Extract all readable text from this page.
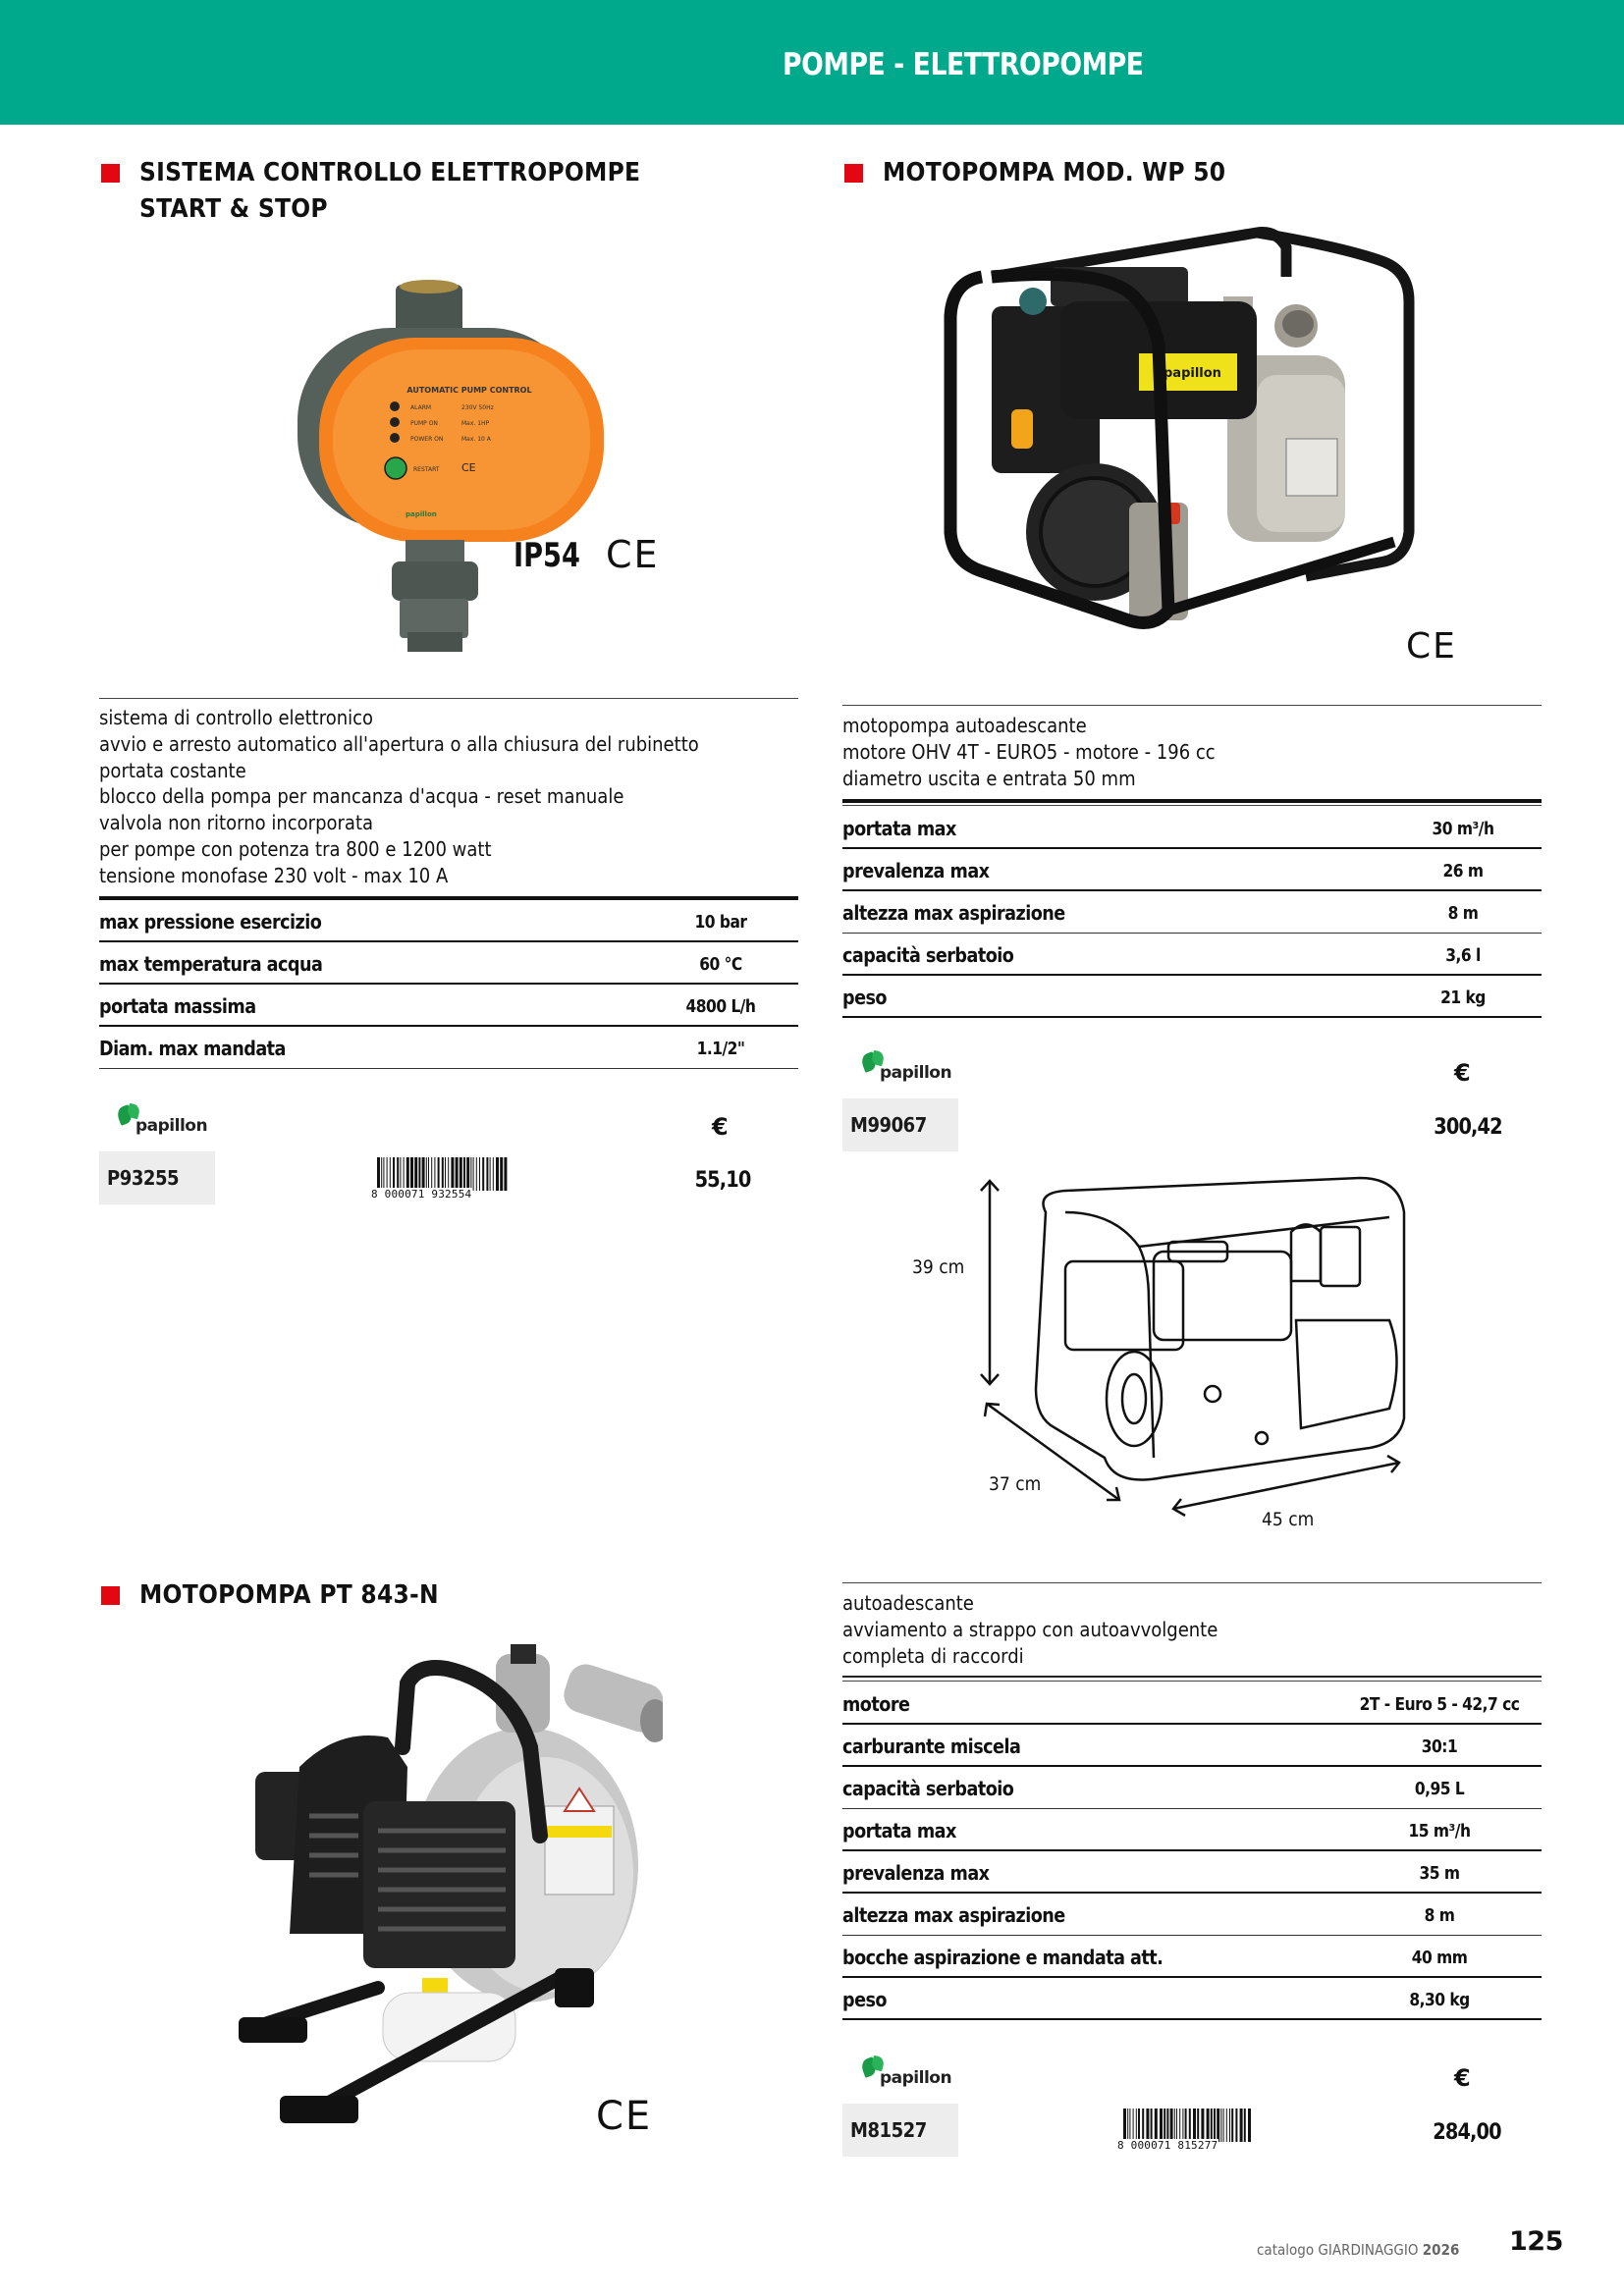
POMPE - ELETTROPOMPE
SISTEMA CONTROLLO ELETTROPOMPE
START & STOP
AUTOMATIC PUMP CONTROL
ALARM
PUMP ON
POWER ON
230V 50Hz
Max. 1HP
Max. 10 A
RESTART CE
papillon
IP54 CE
sistema di controllo elettronico
avvio e arresto automatico all'apertura o alla chiusura del rubinetto
portata costante
blocco della pompa per mancanza d'acqua - reset manuale
valvola non ritorno incorporata
per pompe con potenza tra 800 e 1200 watt
tensione monofase 230 volt - max 10 A
max pressione esercizio	10 bar
max temperatura acqua	60 °C
portata massima	4800 L/h
Diam. max mandata	1.1/2"
papillon	€
P93255
8 000071 932554
55,10
MOTOPOMPA MOD. WP 50
papillon
CE
motopompa autoadescante
motore OHV 4T - EURO5 - motore - 196 cc
diametro uscita e entrata 50 mm
portata max	30 m³/h
prevalenza max	26 m
altezza max aspirazione	8 m
capacità serbatoio	3,6 l
peso	21 kg
papillon	€
M99067	300,42
39 cm
37 cm
45 cm
MOTOPOMPA PT 843-N
CE
autoadescante
avviamento a strappo con autoavvolgente
completa di raccordi
motore	2T - Euro 5 - 42,7 cc
carburante miscela	30:1
capacità serbatoio	0,95 L
portata max	15 m³/h
prevalenza max	35 m
altezza max aspirazione	8 m
bocche aspirazione e mandata att.	40 mm
peso	8,30 kg
papillon	€
M81527
8 000071 815277
284,00
catalogo GIARDINAGGIO 2026 125
